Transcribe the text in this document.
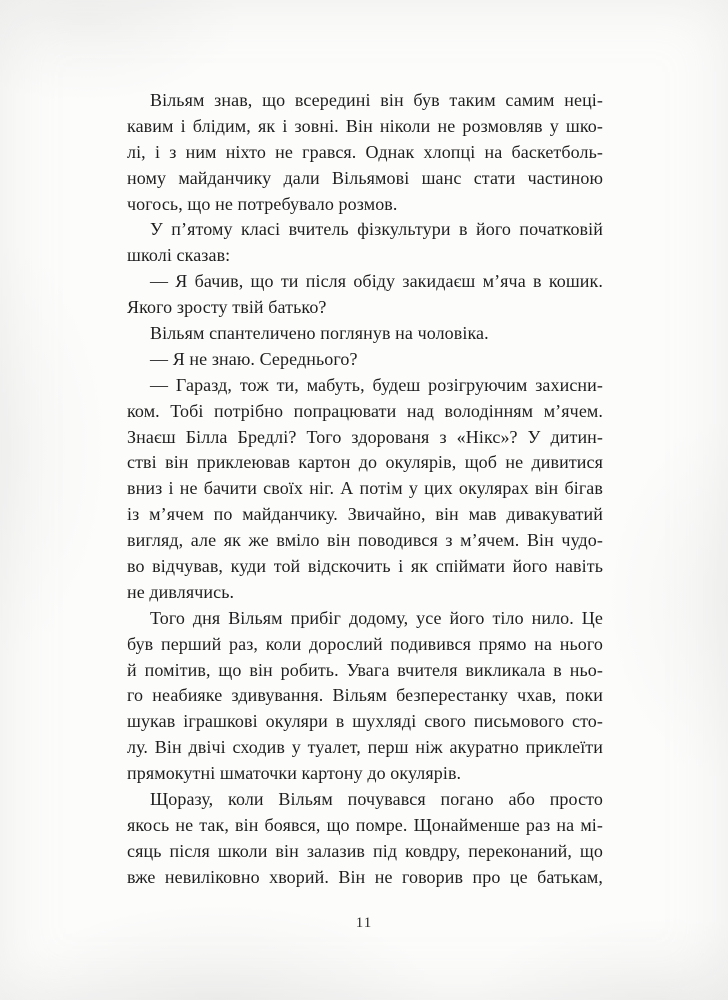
Вільям знав, що всередині він був таким самим неці-
кавим і блідим, як і зовні. Він ніколи не розмовляв у шко-
лі, і з ним ніхто не грався. Однак хлопці на баскетболь-
ному майданчику дали Вільямові шанс стати частиною
чогось, що не потребувало розмов.

У п’ятому класі вчитель фізкультури в його початковій
школі сказав:

— Я бачив, що ти після обіду закидаєш м’яча в кошик.
Якого зросту твій батько?

Вільям спантеличено поглянув на чоловіка.

— Я не знаю. Середнього?

— Гаразд, тож ти, мабуть, будеш розігруючим захисни-
ком. Тобі потрібно попрацювати над володінням м’ячем.
Знаєш Білла Бредлі? Того здорованя з «Нікс»? У дитин-
стві він приклеював картон до окулярів, щоб не дивитися
вниз і не бачити своїх ніг. А потім у цих окулярах він бігав
із м’ячем по майданчику. Звичайно, він мав дивакуватий
вигляд, але як же вміло він поводився з м’ячем. Він чудо-
во відчував, куди той відскочить і як спіймати його навіть
не дивлячись.

Того дня Вільям прибіг додому, усе його тіло нило. Це
був перший раз, коли дорослий подивився прямо на нього
й помітив, що він робить. Увага вчителя викликала в ньо-
го неабияке здивування. Вільям безперестанку чхав, поки
шукав іграшкові окуляри в шухляді свого письмового сто-
лу. Він двічі сходив у туалет, перш ніж акуратно приклеїти
прямокутні шматочки картону до окулярів.

Щоразу, коли Вільям почувався погано або просто
якось не так, він боявся, що помре. Щонайменше раз на мі-
сяць після школи він залазив під ковдру, переконаний, що
вже невиліковно хворий. Він не говорив про це батькам,

11
